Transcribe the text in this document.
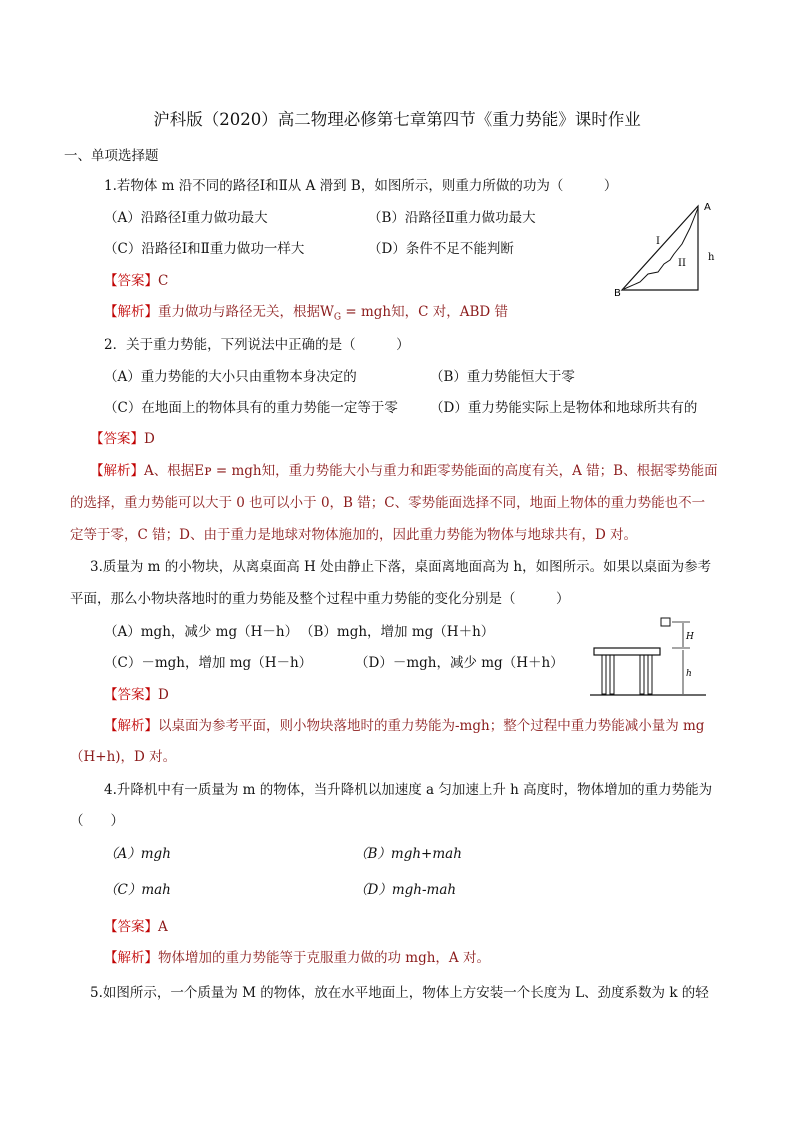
沪科版（2020）高二物理必修第七章第四节《重力势能》课时作业
一、单项选择题
1.若物体 m 沿不同的路径Ⅰ和Ⅱ从 A 滑到 B，如图所示，则重力所做的功为（　　　）
（A）沿路径Ⅰ重力做功最大	（B）沿路径Ⅱ重力做功最大
（C）沿路径Ⅰ和Ⅱ重力做功一样大	（D）条件不足不能判断
【答案】C
【解析】重力做功与路径无关，根据$W_G$ = mgh知，C 对，ABD 错
A
B
I
II
h
2．关于重力势能，下列说法中正确的是（　　　）
（A）重力势能的大小只由重物本身决定的	（B）重力势能恒大于零
（C）在地面上的物体具有的重力势能一定等于零 （D）重力势能实际上是物体和地球所共有的
【答案】D
【解析】A、根据Eᴘ = mgh知，重力势能大小与重力和距零势能面的高度有关，A 错；B、根据零势能面
的选择，重力势能可以大于 0 也可以小于 0，B 错；C、零势能面选择不同，地面上物体的重力势能也不一
定等于零，C 错；D、由于重力是地球对物体施加的，因此重力势能为物体与地球共有，D 对。
3.质量为 m 的小物块，从离桌面高 H 处由静止下落，桌面离地面高为 h，如图所示。如果以桌面为参考
平面，那么小物块落地时的重力势能及整个过程中重力势能的变化分别是（　　　）
（A）mgh，减少 mg（H－h） （B）mgh，增加 mg（H＋h）
（C）－mgh，增加 mg（H－h）	（D）－mgh，减少 mg（H＋h）
【答案】D
【解析】以桌面为参考平面，则小物块落地时的重力势能为-mgh；整个过程中重力势能减小量为 mg
（H+h)，D 对。
H
h
4.升降机中有一质量为 m 的物体，当升降机以加速度 a 匀加速上升 h 高度时，物体增加的重力势能为
（　　）
（A）mgh	（B）mgh+mah
（C）mah	（D）mgh-mah
【答案】A
【解析】物体增加的重力势能等于克服重力做的功 mgh，A 对。
5.如图所示，一个质量为 M 的物体，放在水平地面上，物体上方安装一个长度为 L、劲度系数为 k 的轻
